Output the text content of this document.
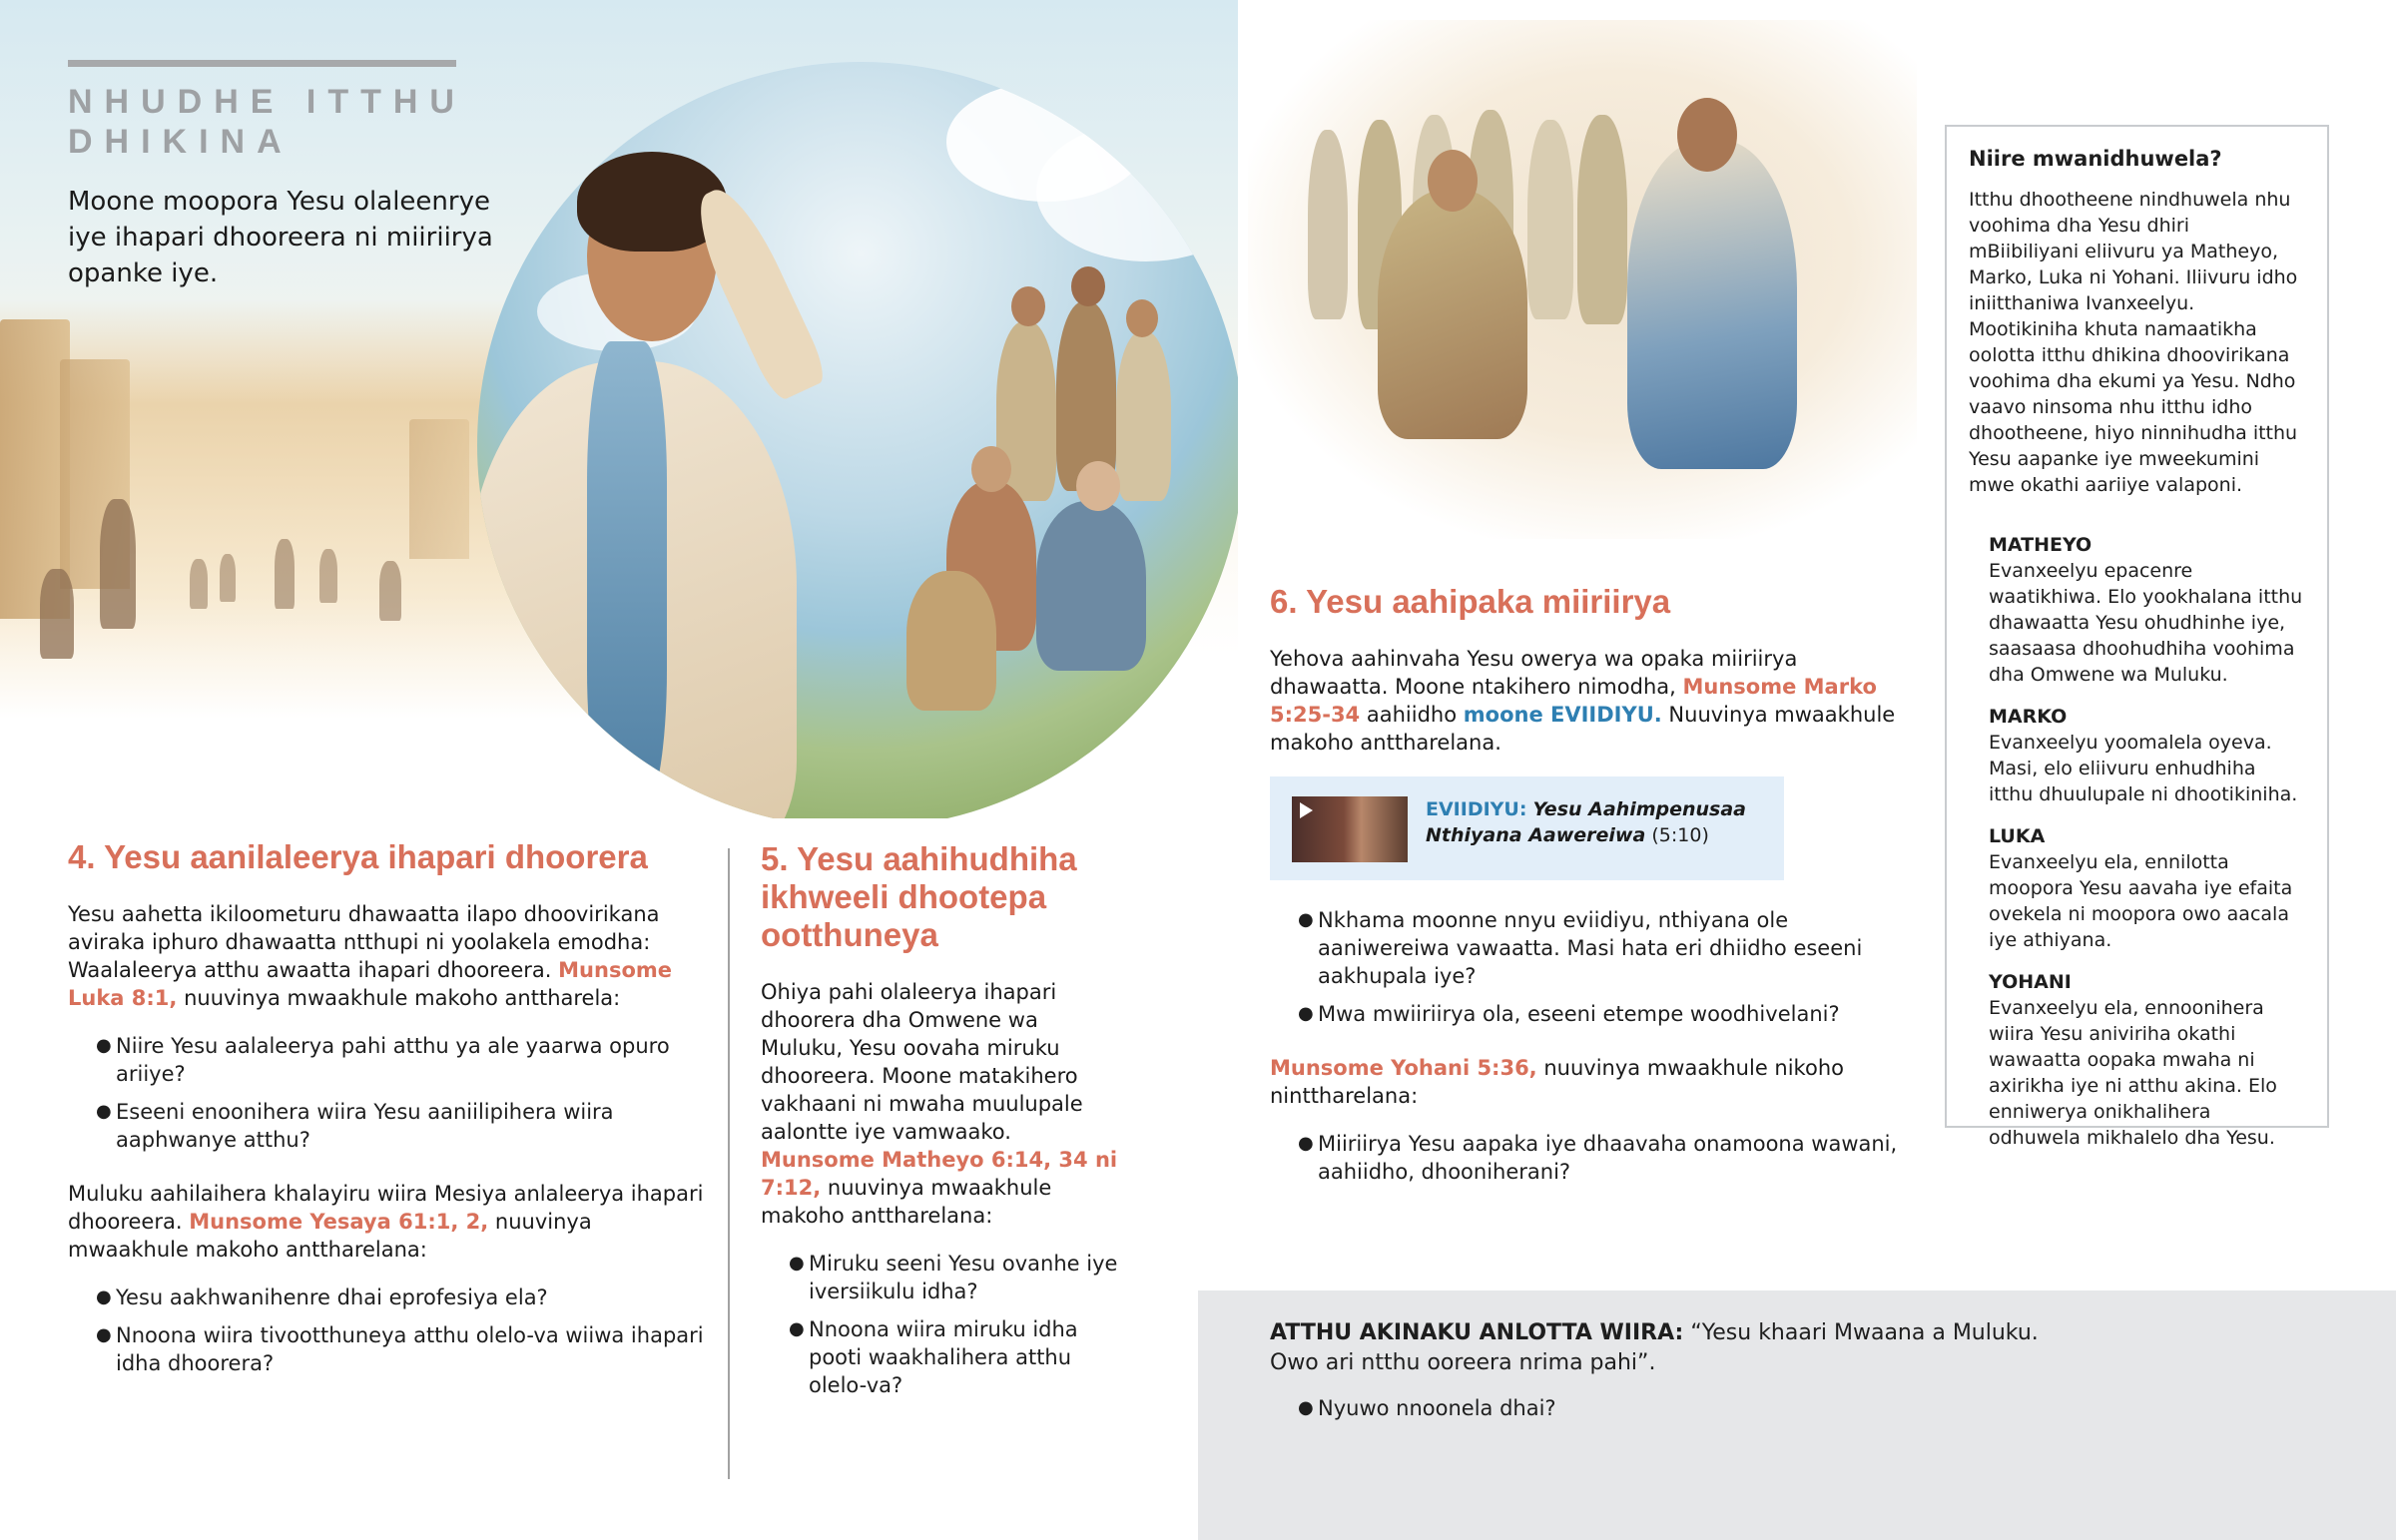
NHUDHE ITTHU DHIKINA
Moone moopora Yesu olaleenrye iye ihapari dhooreera ni miiriirya opanke iye.
4. Yesu aanilaleerya ihapari dhoorera

Yesu aahetta ikiloometuru dhawaatta ilapo dhoovirikana aviraka iphuro dhawaatta ntthupi ni yoolakela emodha: Waalaleerya atthu awaatta ihapari dhooreera. Munsome Luka 8:1, nuuvinya mwaakhule makoho anttharela:

● Niire Yesu aalaleerya pahi atthu ya ale yaarwa opuro ariiye?
● Eseeni enoonihera wiira Yesu aaniilipihera wiira aaphwanye atthu?

Muluku aahilaihera khalayiru wiira Mesiya anlaleerya ihapari dhooreera. Munsome Yesaya 61:1, 2, nuuvinya mwaakhule makoho anttharelana:

● Yesu aakhwanihenre dhai eprofesiya ela?
● Nnoona wiira tivootthuneya atthu olelo-va wiiwa ihapari idha dhoorera?
5. Yesu aahihudhiha ikhweeli dhootepa ootthuneya

Ohiya pahi olaleerya ihapari dhoorera dha Omwene wa Muluku, Yesu oovaha miruku dhooreera. Moone matakihero vakhaani ni mwaha muulupale aalontte iye vamwaako. Munsome Matheyo 6:14, 34 ni 7:12, nuuvinya mwaakhule makoho anttharelana:

● Miruku seeni Yesu ovanhe iye iversiikulu idha?
● Nnoona wiira miruku idha pooti waakhalihera atthu olelo-va?
6. Yesu aahipaka miiriirya

Yehova aahinvaha Yesu owerya wa opaka miiriirya dhawaatta. Moone ntakihero nimodha, Munsome Marko 5:25-34 aahiidho moone EVIIDIYU. Nuuvinya mwaakhule makoho anttharelana.

EVIIDIYU: Yesu Aahimpenusaa Nthiyana Aawereiwa (5:10)
● Nkhama moonne nnyu eviidiyu, nthiyana ole aaniwereiwa vawaatta. Masi hata eri dhiidho eseeni aakhupala iye?
● Mwa mwiiriirya ola, eseeni etempe woodhivelani?

Munsome Yohani 5:36, nuuvinya mwaakhule nikoho ninttharelana:

● Miiriirya Yesu aapaka iye dhaavaha onamoona wawani, aahiidho, dhooniherani?
Niire mwanidhuwela?
Itthu dhootheene nindhuwela nhu voohima dha Yesu dhiri mBiibiliyani eliivuru ya Matheyo, Marko, Luka ni Yohani. Iliivuru idho iniitthaniwa Ivanxeelyu. Mootikiniha khuta namaatikha oolotta itthu dhikina dhoovirikana voohima dha ekumi ya Yesu. Ndho vaavo ninsoma nhu itthu idho dhootheene, hiyo ninnihudha itthu Yesu aapanke iye mweekumini mwe okathi aariiye valaponi.
MATHEYO
Evanxeelyu epacenre waatikhiwa. Elo yookhalana itthu dhawaatta Yesu ohudhinhe iye, saasaasa dhoohudhiha voohima dha Omwene wa Muluku.
MARKO
Evanxeelyu yoomalela oyeva. Masi, elo eliivuru enhudhiha itthu dhuulupale ni dhootikiniha.
LUKA
Evanxeelyu ela, ennilotta moopora Yesu aavaha iye efaita ovekela ni moopora owo aacala iye athiyana.
YOHANI
Evanxeelyu ela, ennoonihera wiira Yesu aniviriha okathi wawaatta oopaka mwaha ni axirikha iye ni atthu akina. Elo enniwerya onikhalihera odhuwela mikhalelo dha Yesu.

ATTHU AKINAKU ANLOTTA WIIRA: “Yesu khaari Mwaana a Muluku. Owo ari ntthu ooreera nrima pahi”.

● Nyuwo nnoonela dhai?
